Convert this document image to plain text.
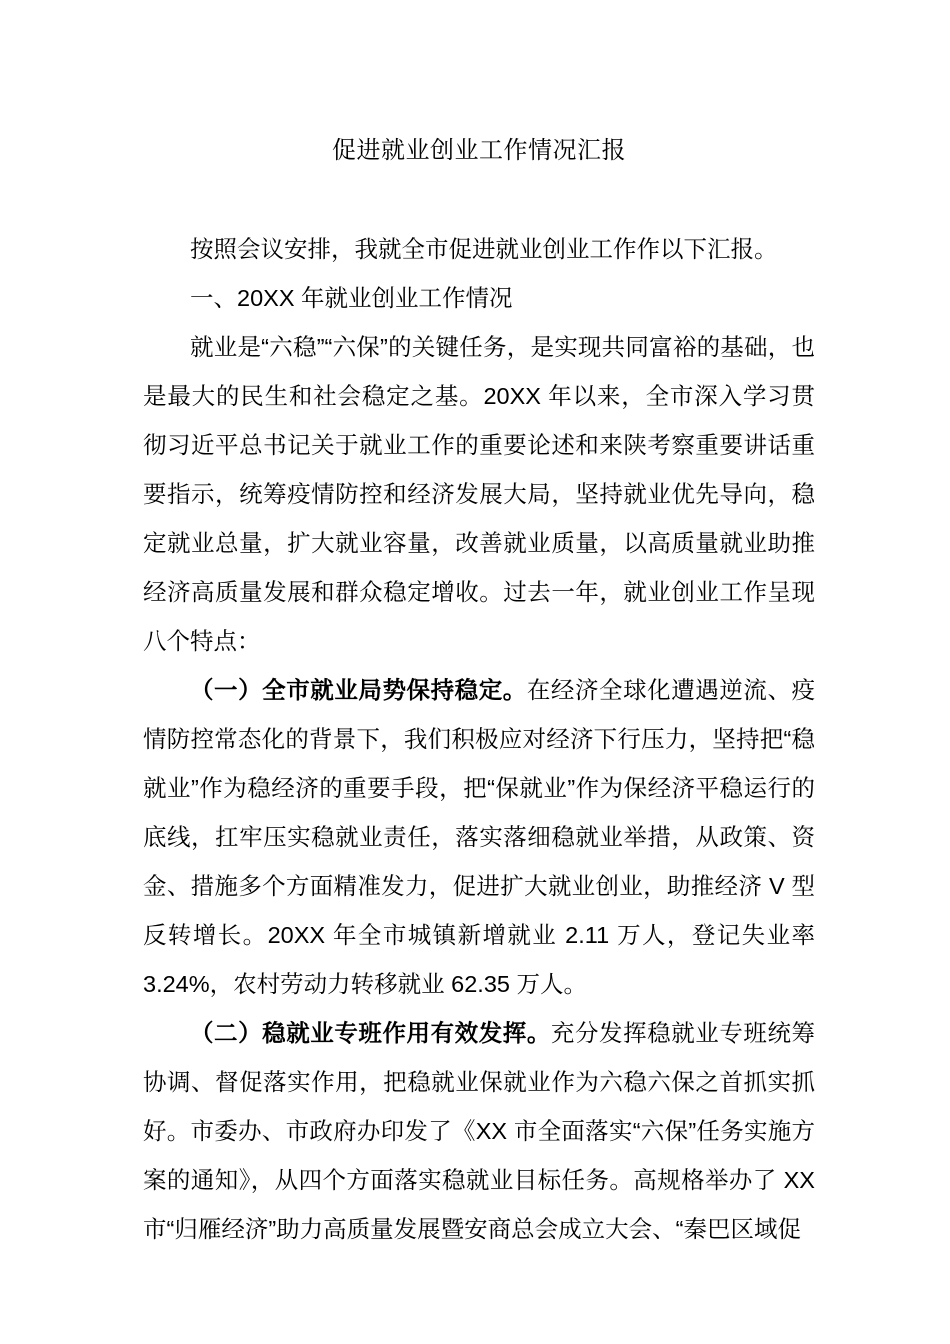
促进就业创业工作情况汇报

按照会议安排，我就全市促进就业创业工作作以下汇报。

一、20XX 年就业创业工作情况

就业是“六稳”“六保”的关键任务，是实现共同富裕的基础，也是最大的民生和社会稳定之基。20XX 年以来，全市深入学习贯彻习近平总书记关于就业工作的重要论述和来陕考察重要讲话重要指示，统筹疫情防控和经济发展大局，坚持就业优先导向，稳定就业总量，扩大就业容量，改善就业质量，以高质量就业助推经济高质量发展和群众稳定增收。过去一年，就业创业工作呈现八个特点：

（一）全市就业局势保持稳定。在经济全球化遭遇逆流、疫情防控常态化的背景下，我们积极应对经济下行压力，坚持把“稳就业”作为稳经济的重要手段，把“保就业”作为保经济平稳运行的底线，扛牢压实稳就业责任，落实落细稳就业举措，从政策、资金、措施多个方面精准发力，促进扩大就业创业，助推经济 V 型反转增长。20XX 年全市城镇新增就业 2.11 万人，登记失业率 3.24%，农村劳动力转移就业 62.35 万人。

（二）稳就业专班作用有效发挥。充分发挥稳就业专班统筹协调、督促落实作用，把稳就业保就业作为六稳六保之首抓实抓好。市委办、市政府办印发了《XX 市全面落实“六保”任务实施方案的通知》，从四个方面落实稳就业目标任务。高规格举办了 XX 市“归雁经济”助力高质量发展暨安商总会成立大会、“秦巴区域促
